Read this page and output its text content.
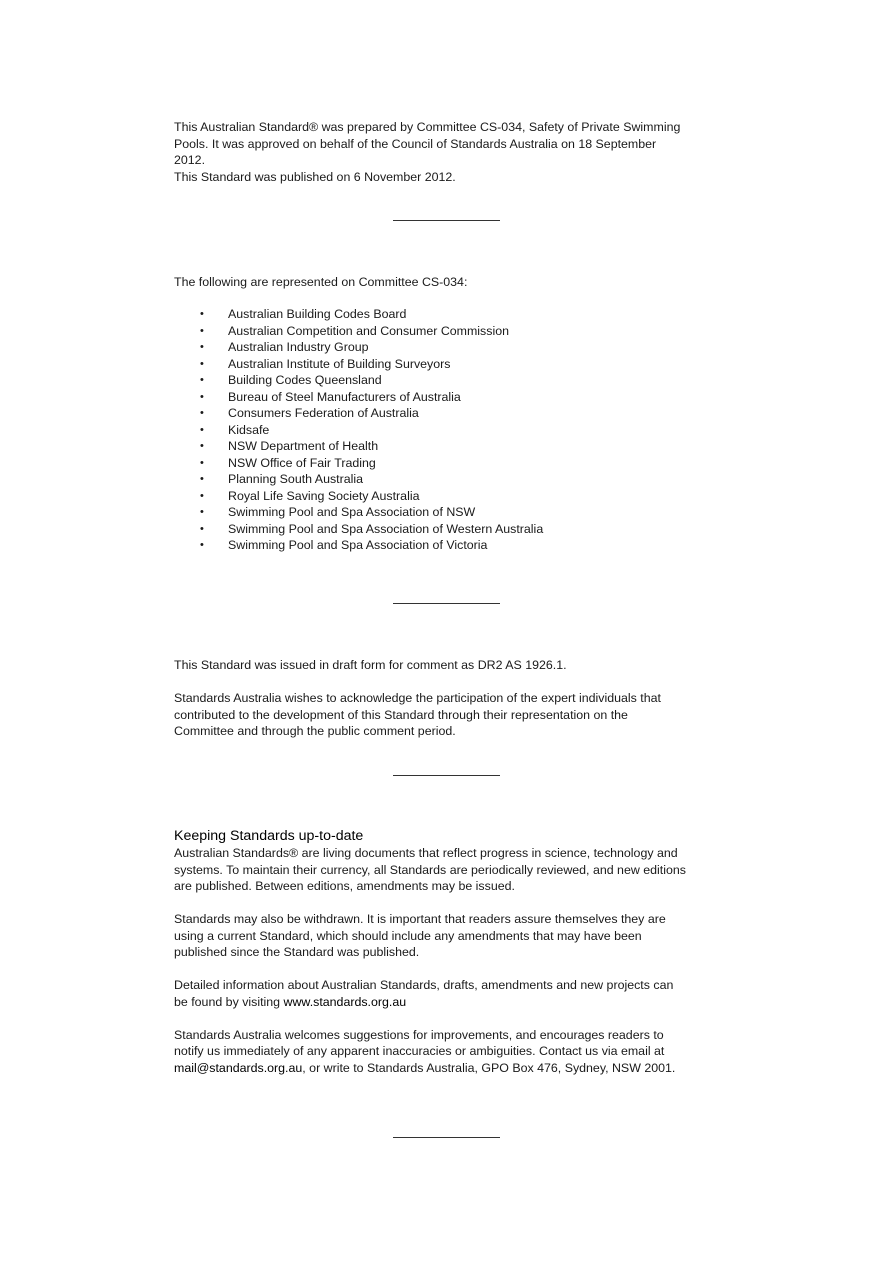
This Australian Standard® was prepared by Committee CS-034, Safety of Private Swimming

Pools. It was approved on behalf of the Council of Standards Australia on 18 September

2012.

This Standard was published on 6 November 2012.

The following are represented on Committee CS-034:

• Australian Building Codes Board
• Australian Competition and Consumer Commission
• Australian Industry Group
• Australian Institute of Building Surveyors
• Building Codes Queensland
• Bureau of Steel Manufacturers of Australia
• Consumers Federation of Australia
• Kidsafe
• NSW Department of Health
• NSW Office of Fair Trading
• Planning South Australia
• Royal Life Saving Society Australia
• Swimming Pool and Spa Association of NSW
• Swimming Pool and Spa Association of Western Australia
• Swimming Pool and Spa Association of Victoria

This Standard was issued in draft form for comment as DR2 AS 1926.1.

Standards Australia wishes to acknowledge the participation of the expert individuals that

contributed to the development of this Standard through their representation on the

Committee and through the public comment period.

Keeping Standards up-to-date

Australian Standards® are living documents that reflect progress in science, technology and

systems. To maintain their currency, all Standards are periodically reviewed, and new editions

are published. Between editions, amendments may be issued.

Standards may also be withdrawn. It is important that readers assure themselves they are

using a current Standard, which should include any amendments that may have been

published since the Standard was published.

Detailed information about Australian Standards, drafts, amendments and new projects can

be found by visiting www.standards.org.au

Standards Australia welcomes suggestions for improvements, and encourages readers to

notify us immediately of any apparent inaccuracies or ambiguities. Contact us via email at

mail@standards.org.au, or write to Standards Australia, GPO Box 476, Sydney, NSW 2001.
